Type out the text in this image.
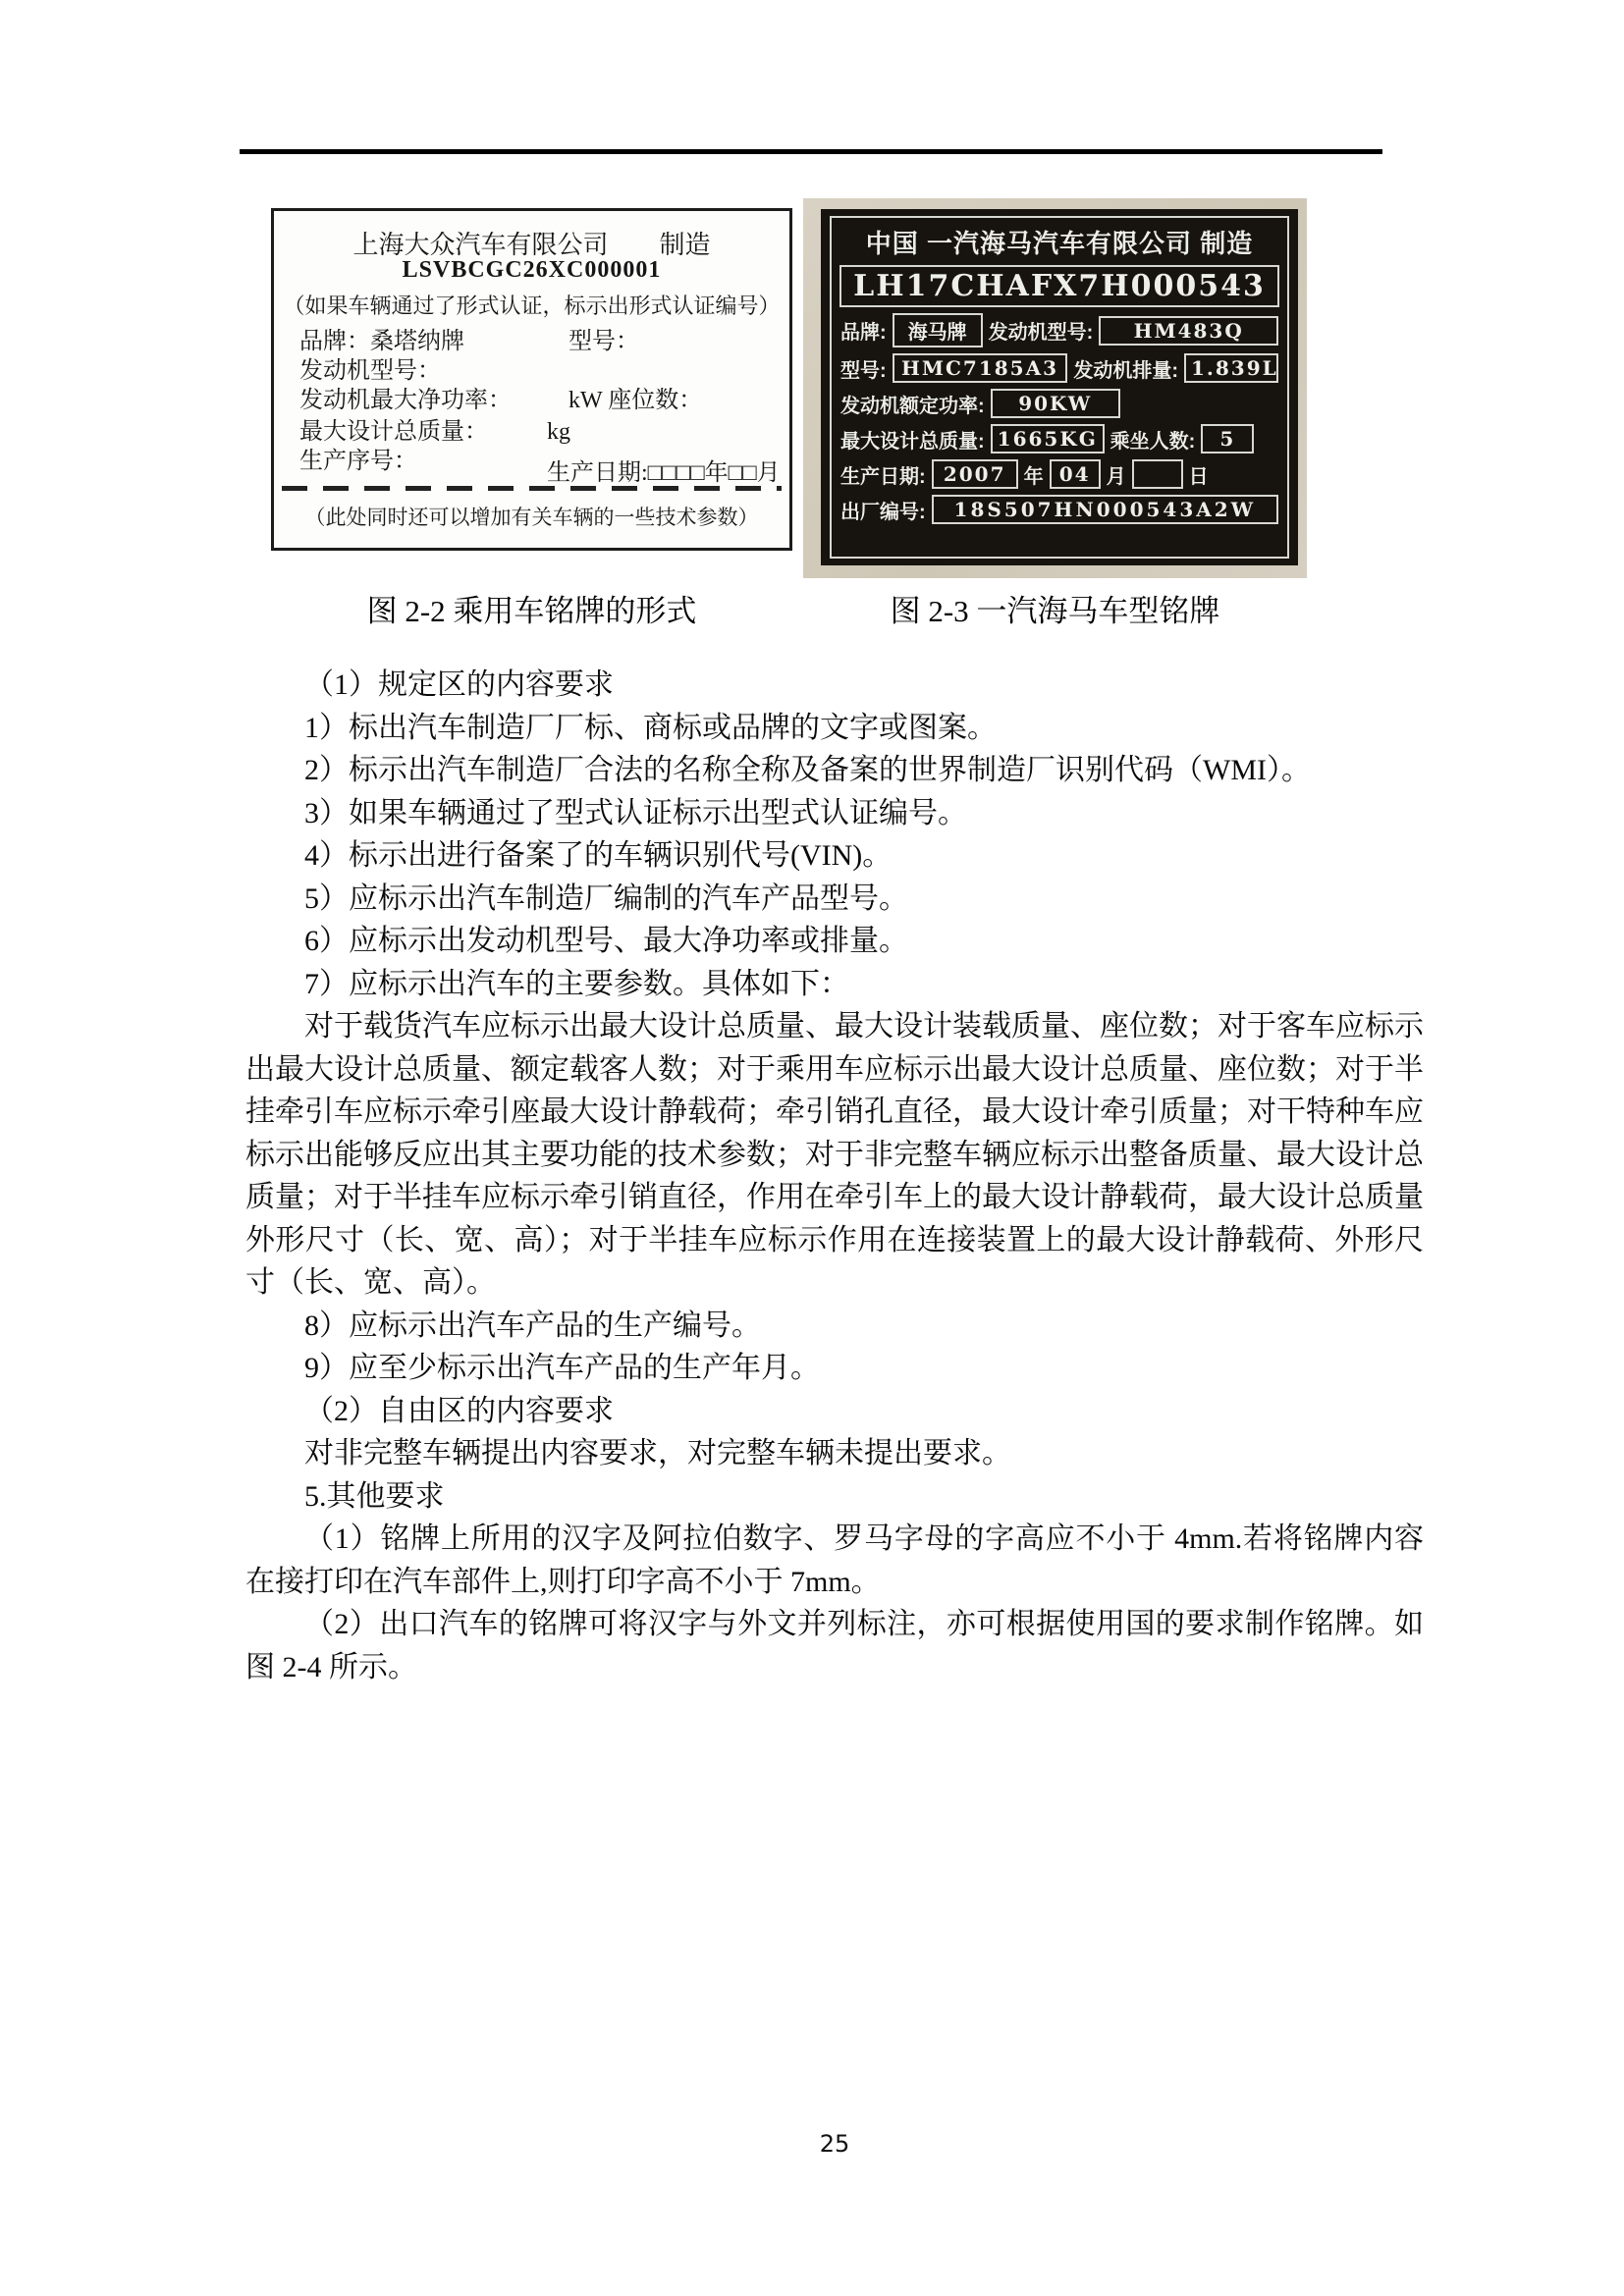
上海大众汽车有限公司　　制造
LSVBCGC26XC000001
（如果车辆通过了形式认证，标示出形式认证编号）
品牌：桑塔纳牌	型号：
发动机型号：
发动机最大净功率： kW 座位数：
最大设计总质量：	kg
生产序号：	生产日期:□□□□年□□月
（此处同时还可以增加有关车辆的一些技术参数）
中国 一汽海马汽车有限公司 制造
LH17CHAFX7H000543
品牌:	海马牌	发动机型号:	HM483Q
型号: HMC7185A3 发动机排量: 1.839L
发动机额定功率:	90KW
最大设计总质量: 1665KG 乘坐人数:	5
生产日期: 2007 年 04 月	日
出厂编号:	18S507HN000543A2W
图 2-2 乘用车铭牌的形式	图 2-3 一汽海马车型铭牌

（1）规定区的内容要求

1）标出汽车制造厂厂标、商标或品牌的文字或图案。

2）标示出汽车制造厂合法的名称全称及备案的世界制造厂识别代码（WMI）。

3）如果车辆通过了型式认证标示出型式认证编号。

4）标示出进行备案了的车辆识别代号(VIN)。

5）应标示出汽车制造厂编制的汽车产品型号。

6）应标示出发动机型号、最大净功率或排量。

7）应标示出汽车的主要参数。具体如下：

对于载货汽车应标示出最大设计总质量、最大设计装载质量、座位数；对于客车应标示出最大设计总质量、额定载客人数；对于乘用车应标示出最大设计总质量、座位数；对于半挂牵引车应标示牵引座最大设计静载荷；牵引销孔直径，最大设计牵引质量；对干特种车应标示出能够反应出其主要功能的技术参数；对于非完整车辆应标示出整备质量、最大设计总质量；对于半挂车应标示牵引销直径，作用在牵引车上的最大设计静载荷，最大设计总质量外形尺寸（长、宽、高）；对于半挂车应标示作用在连接装置上的最大设计静载荷、外形尺寸（长、宽、高）。

8）应标示出汽车产品的生产编号。

9）应至少标示出汽车产品的生产年月。

（2）自由区的内容要求

对非完整车辆提出内容要求，对完整车辆未提出要求。

5.其他要求

（1）铭牌上所用的汉字及阿拉伯数字、罗马字母的字高应不小于 4mm.若将铭牌内容在接打印在汽车部件上,则打印字高不小于 7mm。

（2）出口汽车的铭牌可将汉字与外文并列标注，亦可根据使用国的要求制作铭牌。如图 2-4 所示。

25
